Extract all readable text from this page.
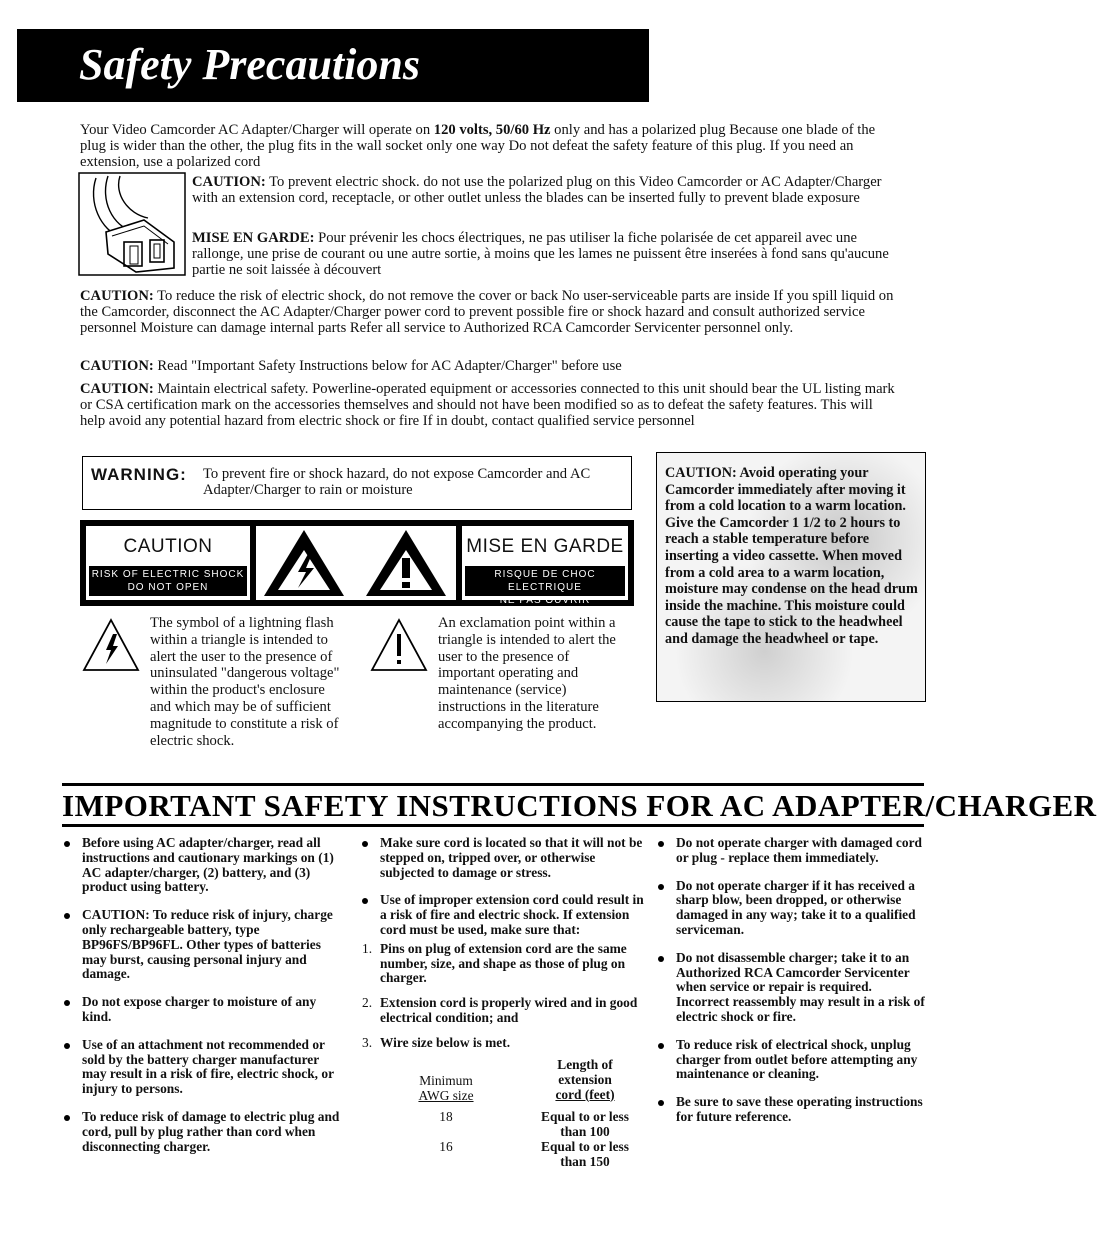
Safety Precautions

Your Video Camcorder AC Adapter/Charger will operate on 120 volts, 50/60 Hz only and has a polarized plug Because one blade of the plug is wider than the other, the plug fits in the wall socket only one way Do not defeat the safety feature of this plug. If you need an extension, use a polarized cord

CAUTION: To prevent electric shock. do not use the polarized plug on this Video Camcorder or AC Adapter/Charger with an extension cord, receptacle, or other outlet unless the blades can be inserted fully to prevent blade exposure

MISE EN GARDE: Pour prévenir les chocs électriques, ne pas utiliser la fiche polarisée de cet appareil avec une rallonge, une prise de courant ou une autre sortie, à moins que les lames ne puissent être inserées à fond sans qu'aucune partie ne soit laissée à découvert

CAUTION: To reduce the risk of electric shock, do not remove the cover or back No user-serviceable parts are inside If you spill liquid on the Camcorder, disconnect the AC Adapter/Charger power cord to prevent possible fire or shock hazard and consult authorized service personnel Moisture can damage internal parts Refer all service to Authorized RCA Camcorder Servicenter personnel only.

CAUTION: Read "Important Safety Instructions below for AC Adapter/Charger" before use

CAUTION: Maintain electrical safety. Powerline-operated equipment or accessories connected to this unit should bear the UL listing mark or CSA certification mark on the accessories themselves and should not have been modified so as to defeat the safety features. This will help avoid any potential hazard from electric shock or fire If in doubt, contact qualified service personnel

WARNING: To prevent fire or shock hazard, do not expose Camcorder and AC Adapter/Charger to rain or moisture
CAUTION
RISK OF ELECTRIC SHOCK
DO NOT OPEN
MISE EN GARDE
RISQUE DE CHOC ELECTRIQUE
NE PAS OUVRIR
The symbol of a lightning flash within a triangle is intended to alert the user to the presence of uninsulated "dangerous voltage" within the product's enclosure and which may be of sufficient magnitude to constitute a risk of electric shock.
An exclamation point within a triangle is intended to alert the user to the presence of important operating and maintenance (service) instructions in the literature accompanying the product.
CAUTION: Avoid operating your Camcorder immediately after moving it from a cold location to a warm location. Give the Camcorder 1 1/2 to 2 hours to reach a stable temperature before inserting a video cassette. When moved from a cold area to a warm location, moisture may condense on the head drum inside the machine. This moisture could cause the tape to stick to the headwheel and damage the headwheel or tape.
IMPORTANT SAFETY INSTRUCTIONS FOR AC ADAPTER/CHARGER
Before using AC adapter/charger, read all instructions and cautionary markings on (1) AC adapter/charger, (2) battery, and (3) product using battery.
CAUTION: To reduce risk of injury, charge only rechargeable battery, type BP96FS/BP96FL. Other types of batteries may burst, causing personal injury and damage.
Do not expose charger to moisture of any kind.
Use of an attachment not recommended or sold by the battery charger manufacturer may result in a risk of fire, electric shock, or injury to persons.
To reduce risk of damage to electric plug and cord, pull by plug rather than cord when disconnecting charger.
Make sure cord is located so that it will not be stepped on, tripped over, or otherwise subjected to damage or stress.
Use of improper extension cord could result in a risk of fire and electric shock. If extension cord must be used, make sure that:
1. Pins on plug of extension cord are the same number, size, and shape as those of plug on charger.
2. Extension cord is properly wired and in good electrical condition; and
3. Wire size below is met.
Minimum
AWG size
Length of
extension
cord (feet)
18	Equal to or less
than 100
16	Equal to or less
than 150
Do not operate charger with damaged cord or plug - replace them immediately.
Do not operate charger if it has received a sharp blow, been dropped, or otherwise damaged in any way; take it to a qualified serviceman.
Do not disassemble charger; take it to an Authorized RCA Camcorder Servicenter when service or repair is required. Incorrect reassembly may result in a risk of electric shock or fire.
To reduce risk of electrical shock, unplug charger from outlet before attempting any maintenance or cleaning.
Be sure to save these operating instructions for future reference.
